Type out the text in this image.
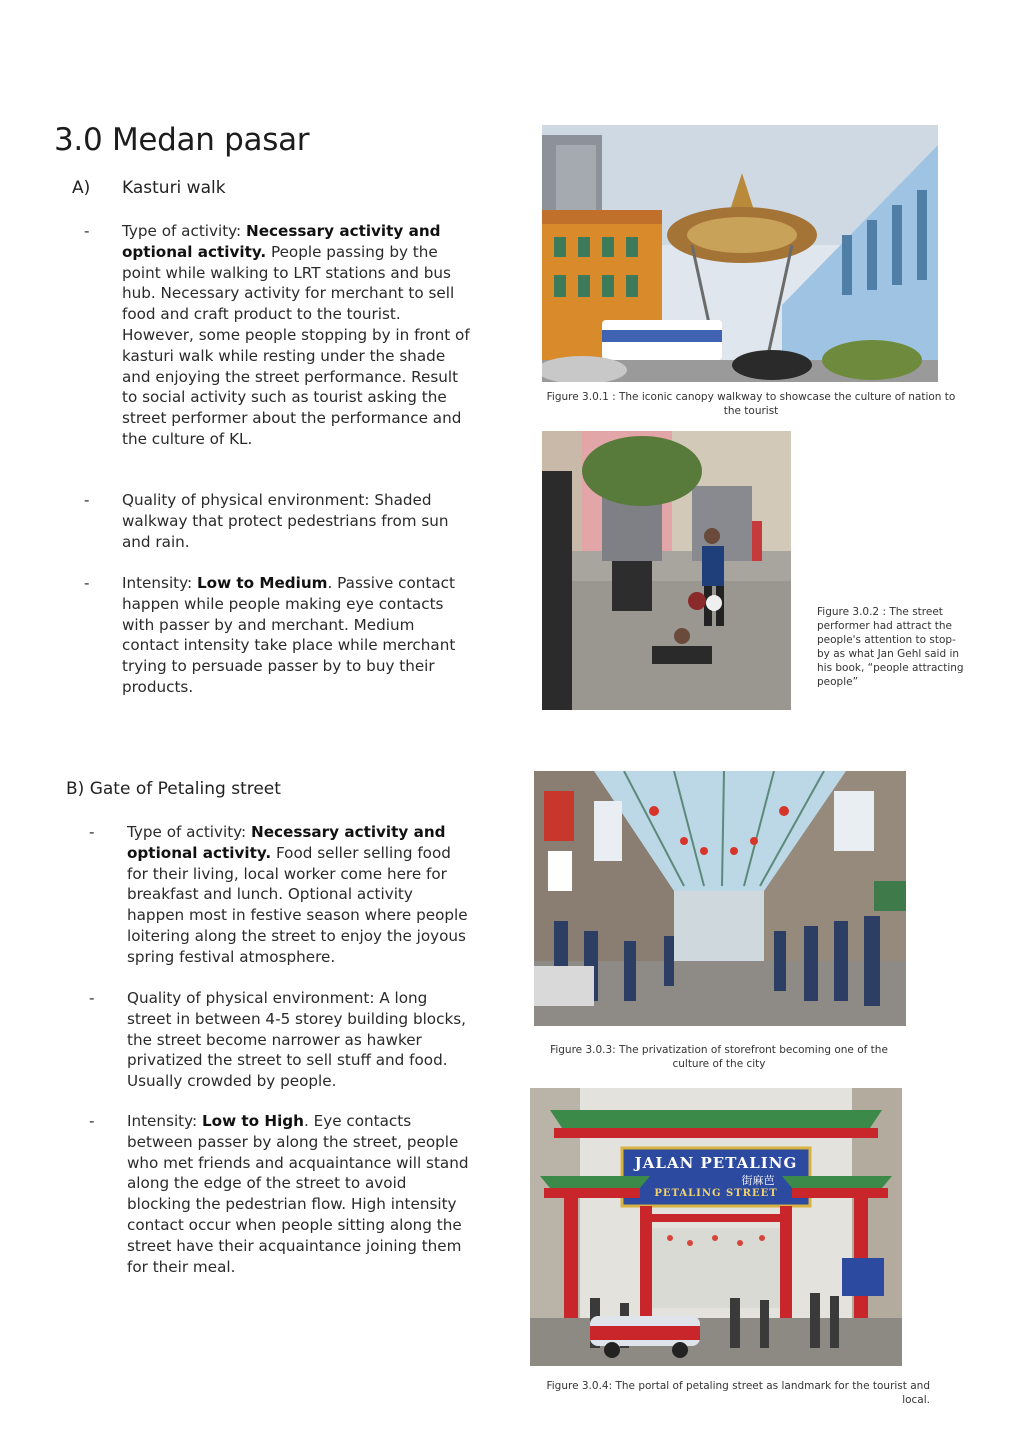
3.0 Medan pasar
A) Kasturi walk
- Type of activity: Necessary activity and optional activity. People passing by the point while walking to LRT stations and bus hub. Necessary activity for merchant to sell food and craft product to the tourist. However, some people stopping by in front of kasturi walk while resting under the shade and enjoying the street performance. Result to social activity such as tourist asking the street performer about the performance and the culture of KL.
- Quality of physical environment: Shaded walkway that protect pedestrians from sun and rain.
- Intensity: Low to Medium. Passive contact happen while people making eye contacts with passer by and merchant. Medium contact intensity take place while merchant trying to persuade passer by to buy their products.
B) Gate of Petaling street
- Type of activity: Necessary activity and optional activity. Food seller selling food for their living, local worker come here for breakfast and lunch. Optional activity happen most in festive season where people loitering along the street to enjoy the joyous spring festival atmosphere.
- Quality of physical environment: A long street in between 4-5 storey building blocks, the street become narrower as hawker privatized the street to sell stuff and food. Usually crowded by people.
- Intensity: Low to High. Eye contacts between passer by along the street, people who met friends and acquaintance will stand along the edge of the street to avoid blocking the pedestrian flow. High intensity contact occur when people sitting along the street have their acquaintance joining them for their meal.
Figure 3.0.1 : The iconic canopy walkway to showcase the culture of nation to the tourist
Figure 3.0.2 : The street performer had attract the people's attention to stop-by as what Jan Gehl said in his book, “people attracting people”
Figure 3.0.3: The privatization of storefront becoming one of the culture of the city
JALAN PETALING
街麻芭
PETALING STREET
Figure 3.0.4: The portal of petaling street as landmark for the tourist and local.
